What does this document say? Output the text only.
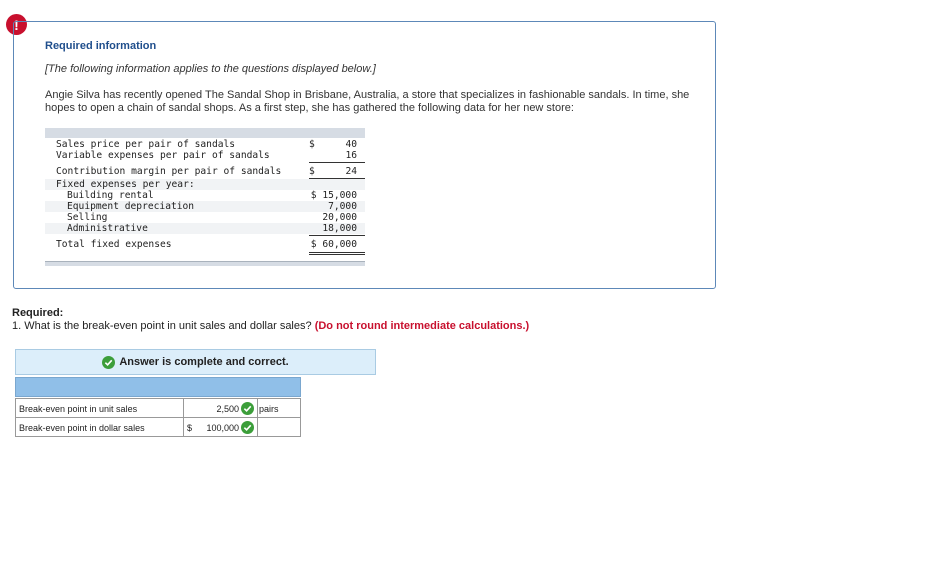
!
Required information
[The following information applies to the questions displayed below.]
Angie Silva has recently opened The Sandal Shop in Brisbane, Australia, a store that specializes in fashionable sandals. In time, she hopes to open a chain of sandal shops. As a first step, she has gathered the following data for her new store:
Sales price per pair of sandals	$	40
Variable expenses per pair of sandals	16
Contribution margin per pair of sandals	$	24
Fixed expenses per year:
Building rental	$ 15,000
Equipment depreciation	7,000
Selling	20,000
Administrative	18,000
Total fixed expenses	$ 60,000
Required:
1. What is the break-even point in unit sales and dollar sales? (Do not round intermediate calculations.)
Answer is complete and correct.
Break-even point in unit sales	2,500 pairs
Break-even point in dollar sales	$ 100,000
